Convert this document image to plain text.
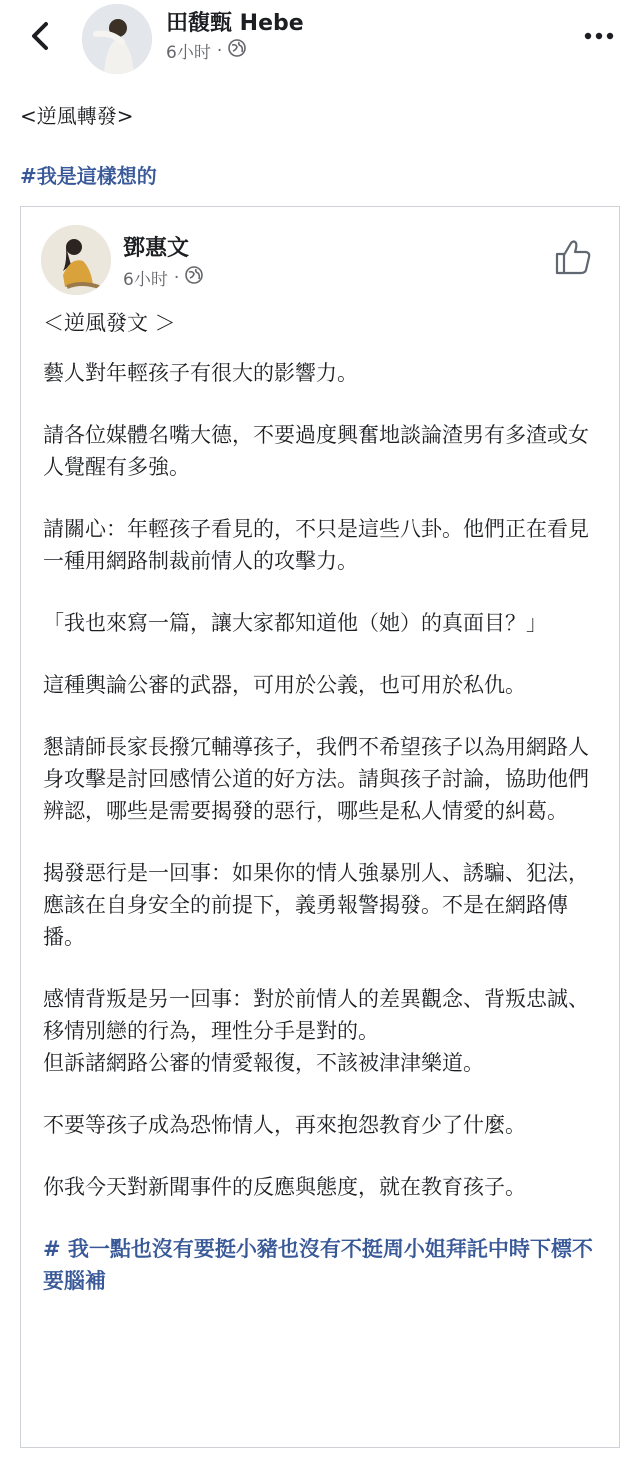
田馥甄 Hebe
6小时 ·
<逆風轉發>
#我是這樣想的
鄧惠文
6小时 ·
＜逆風發文 ＞
藝人對年輕孩子有很大的影響力。
請各位媒體名嘴大德，不要過度興奮地談論渣男有多渣或女人覺醒有多強。
請關心：年輕孩子看見的，不只是這些八卦。他們正在看見一種用網路制裁前情人的攻擊力。
「我也來寫一篇，讓大家都知道他（她）的真面目？」
這種輿論公審的武器，可用於公義，也可用於私仇。
懇請師長家長撥冗輔導孩子，我們不希望孩子以為用網路人身攻擊是討回感情公道的好方法。請與孩子討論，協助他們辨認，哪些是需要揭發的惡行，哪些是私人情愛的糾葛。
揭發惡行是一回事：如果你的情人強暴別人、誘騙、犯法，應該在自身安全的前提下，義勇報警揭發。不是在網路傳播。
感情背叛是另一回事：對於前情人的差異觀念、背叛忠誠、移情別戀的行為，理性分手是對的。
但訴諸網路公審的情愛報復，不該被津津樂道。
不要等孩子成為恐怖情人，再來抱怨教育少了什麼。
你我今天對新聞事件的反應與態度，就在教育孩子。
# 我一點也沒有要挺小豬也沒有不挺周小姐拜託中時下標不要腦補
